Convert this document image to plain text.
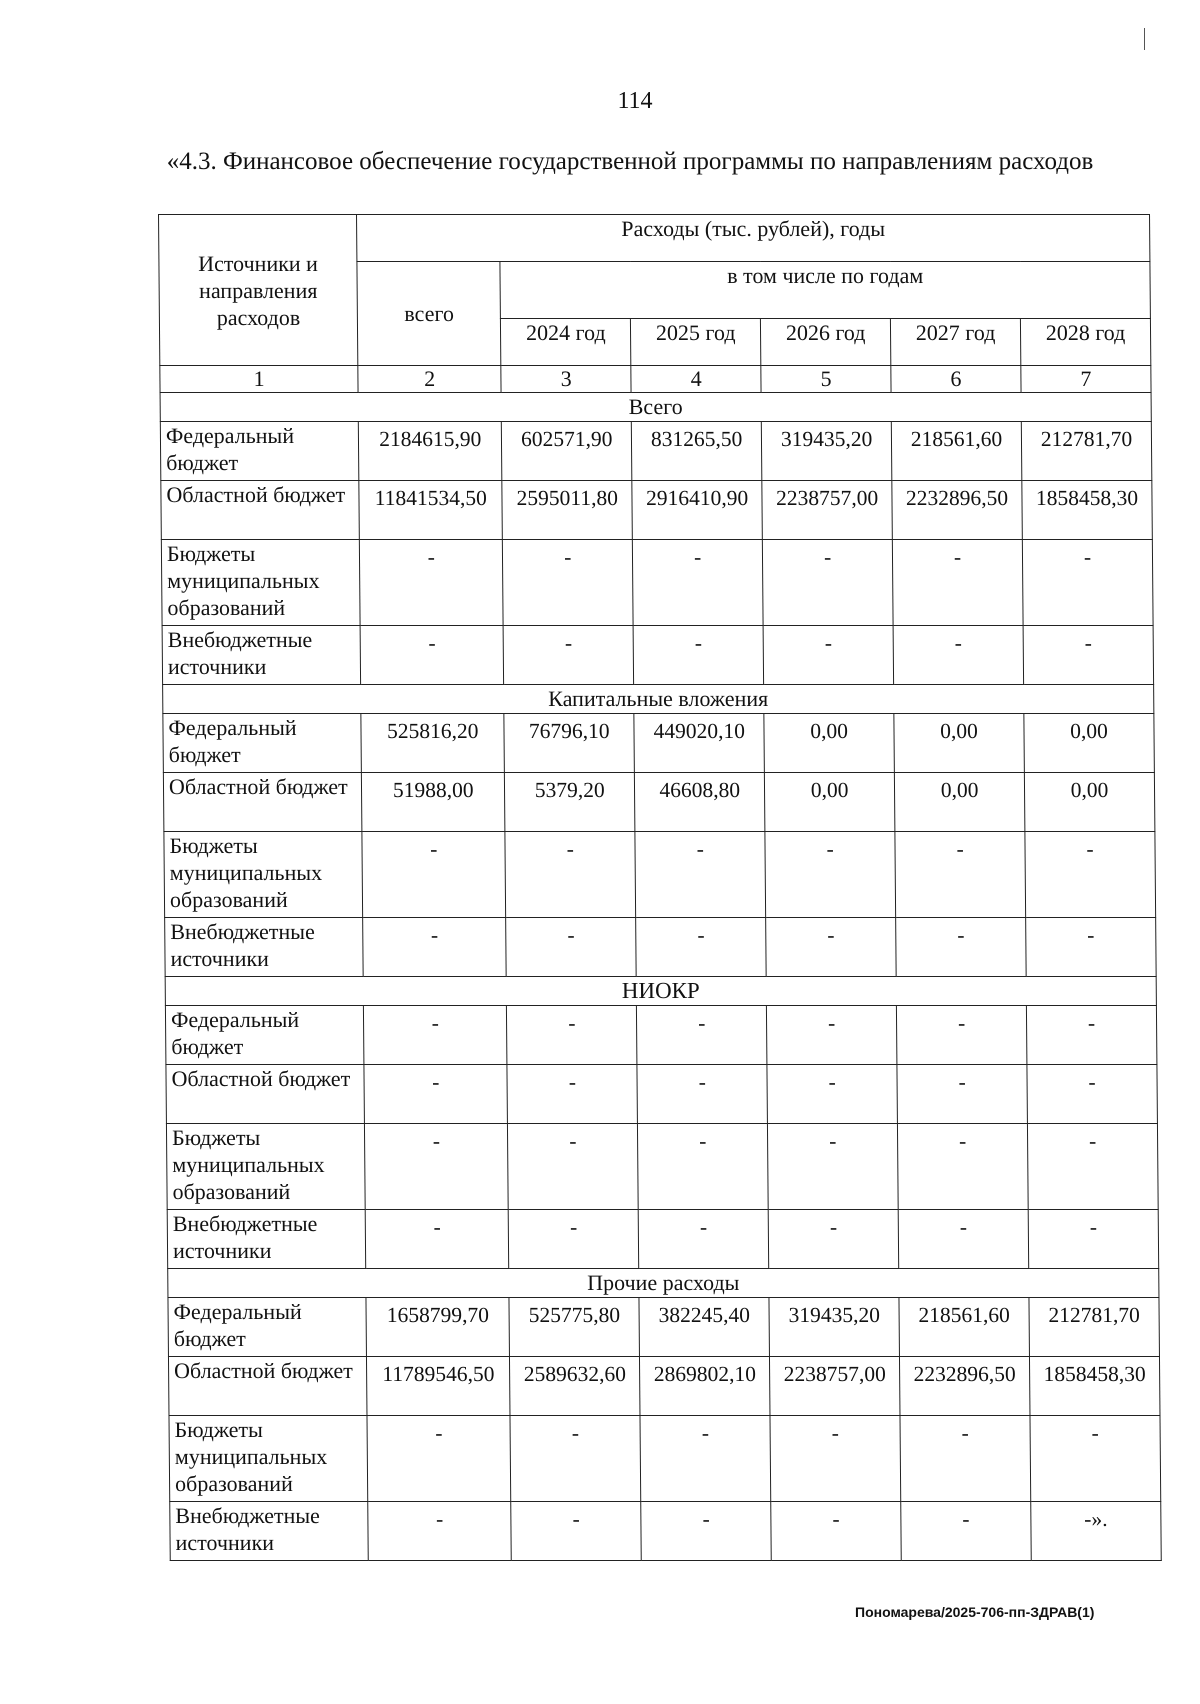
114
«4.3. Финансовое обеспечение государственной программы по направлениям расходов
Источники и направления расходов	Расходы (тыс. рублей), годы					
	всего	в том числе по годам				
		2024 год	2025 год	2026 год	2027 год	2028 год
1	2	3	4	5	6	7
Всего						
Федеральный бюджет	2184615,90	602571,90	831265,50	319435,20	218561,60	212781,70
Областной бюджет	11841534,50	2595011,80	2916410,90	2238757,00	2232896,50	1858458,30
Бюджеты муниципальных образований	-	-	-	-	-	-
Внебюджетные источники	-	-	-	-	-	-
Капитальные вложения						
Федеральный бюджет	525816,20	76796,10	449020,10	0,00	0,00	0,00
Областной бюджет	51988,00	5379,20	46608,80	0,00	0,00	0,00
Бюджеты муниципальных образований	-	-	-	-	-	-
Внебюджетные источники	-	-	-	-	-	-
НИОКР						
Федеральный бюджет	-	-	-	-	-	-
Областной бюджет	-	-	-	-	-	-
Бюджеты муниципальных образований	-	-	-	-	-	-
Внебюджетные источники	-	-	-	-	-	-
Прочие расходы						
Федеральный бюджет	1658799,70	525775,80	382245,40	319435,20	218561,60	212781,70
Областной бюджет	11789546,50	2589632,60	2869802,10	2238757,00	2232896,50	1858458,30
Бюджеты муниципальных образований	-	-	-	-	-	-
Внебюджетные источники	-	-	-	-	-	-».
Пономарева/2025-706-пп-ЗДРАВ(1)
